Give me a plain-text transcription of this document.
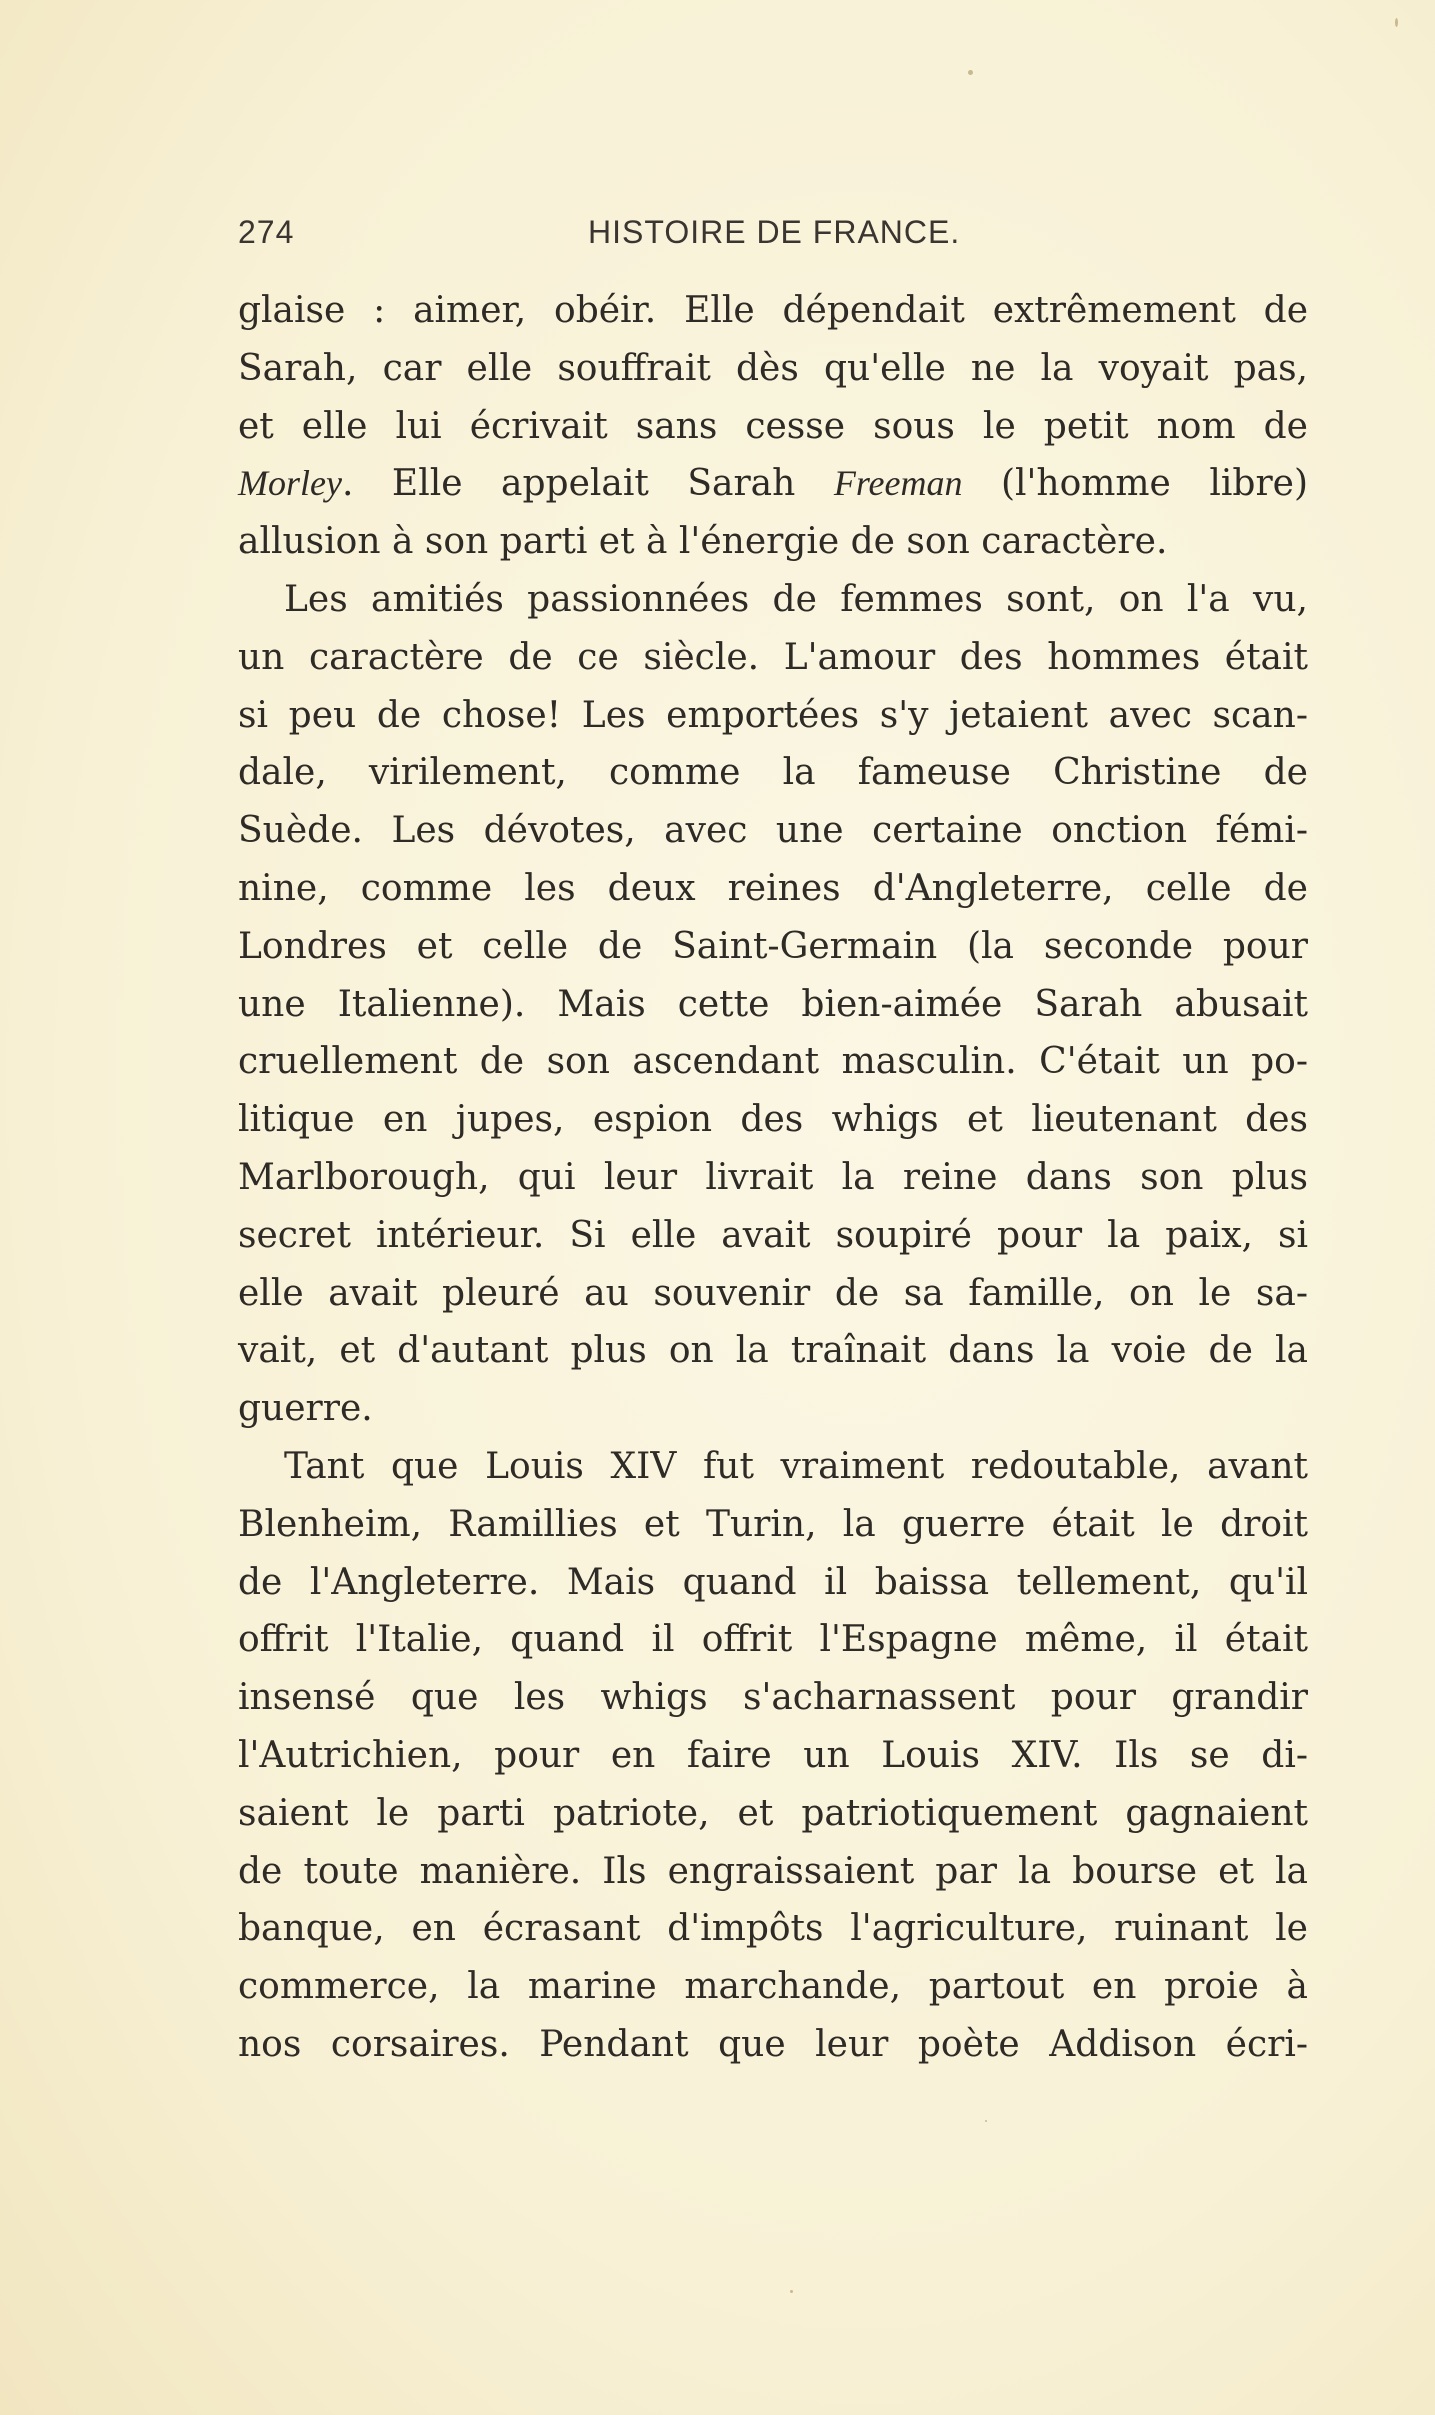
274	HISTOIRE DE FRANCE.
glaise : aimer, obéir. Elle dépendait extrêmement de
Sarah, car elle souffrait dès qu'elle ne la voyait pas,
et elle lui écrivait sans cesse sous le petit nom de
Morley. Elle appelait Sarah Freeman (l'homme libre)
allusion à son parti et à l'énergie de son caractère.
Les amitiés passionnées de femmes sont, on l'a vu,
un caractère de ce siècle. L'amour des hommes était
si peu de chose! Les emportées s'y jetaient avec scan-
dale, virilement, comme la fameuse Christine de
Suède. Les dévotes, avec une certaine onction fémi-
nine, comme les deux reines d'Angleterre, celle de
Londres et celle de Saint-Germain (la seconde pour
une Italienne). Mais cette bien-aimée Sarah abusait
cruellement de son ascendant masculin. C'était un po-
litique en jupes, espion des whigs et lieutenant des
Marlborough, qui leur livrait la reine dans son plus
secret intérieur. Si elle avait soupiré pour la paix, si
elle avait pleuré au souvenir de sa famille, on le sa-
vait, et d'autant plus on la traînait dans la voie de la
guerre.
Tant que Louis XIV fut vraiment redoutable, avant
Blenheim, Ramillies et Turin, la guerre était le droit
de l'Angleterre. Mais quand il baissa tellement, qu'il
offrit l'Italie, quand il offrit l'Espagne même, il était
insensé que les whigs s'acharnassent pour grandir
l'Autrichien, pour en faire un Louis XIV. Ils se di-
saient le parti patriote, et patriotiquement gagnaient
de toute manière. Ils engraissaient par la bourse et la
banque, en écrasant d'impôts l'agriculture, ruinant le
commerce, la marine marchande, partout en proie à
nos corsaires. Pendant que leur poète Addison écri-
